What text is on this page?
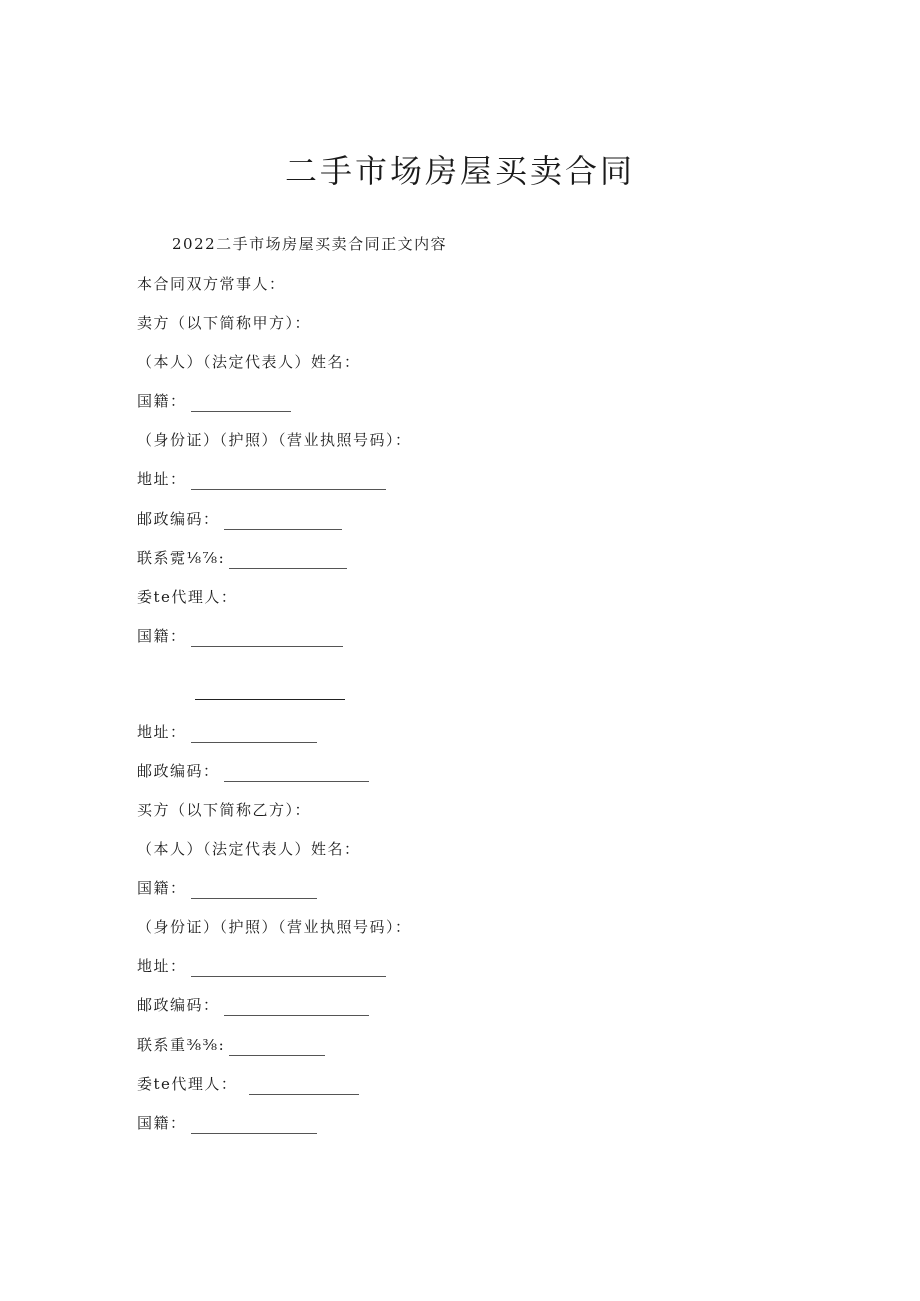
二手市场房屋买卖合同
2022二手市场房屋买卖合同正文内容
本合同双方常事人：
卖方（以下简称甲方）：
（本人）（法定代表人）姓名：
国籍：
（身份证）（护照）（营业执照号码）：
地址：
邮政编码：
联系霓⅛⅞:
委te代理人：
国籍：
地址：
邮政编码：
买方（以下简称乙方）：
（本人）（法定代表人）姓名：
国籍：
（身份证）（护照）（营业执照号码）：
地址：
邮政编码：
联系重⅜⅜:
委te代理人：
国籍：
